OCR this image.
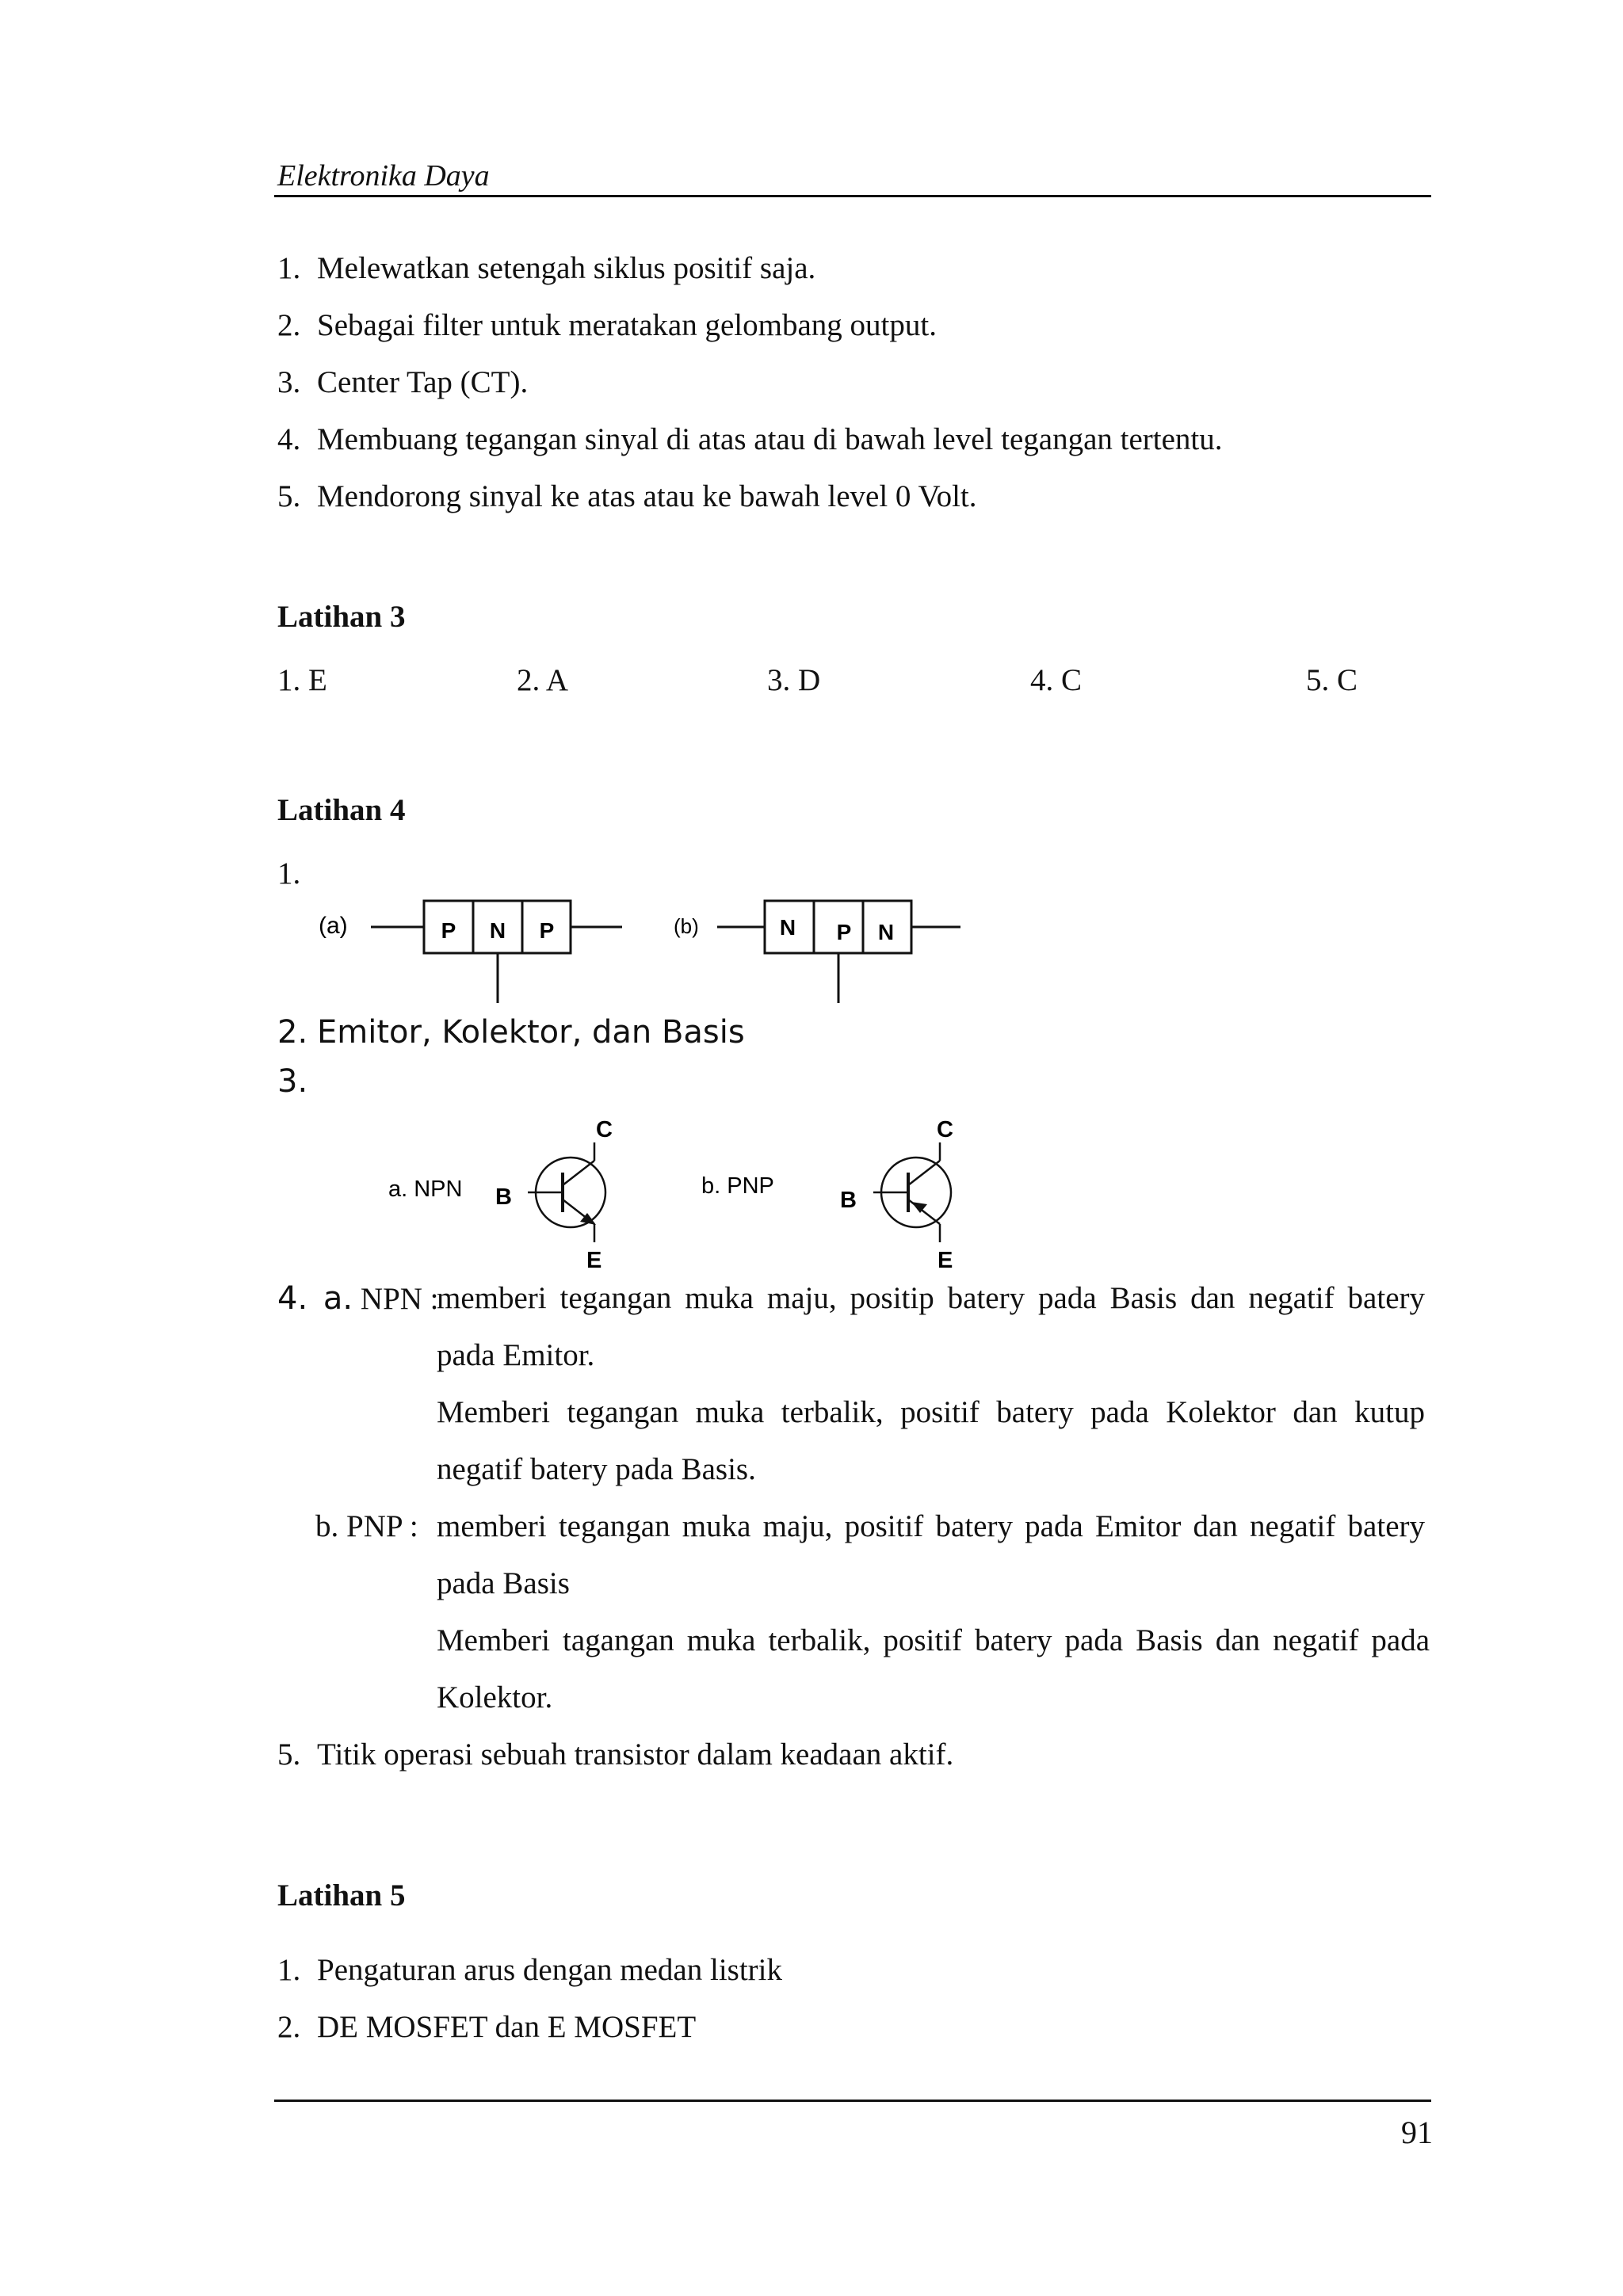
Elektronika Daya
1. Melewatkan setengah siklus positif saja.
2. Sebagai filter untuk meratakan gelombang output.
3. Center Tap (CT).
4. Membuang tegangan sinyal di atas atau di bawah level tegangan tertentu.
5. Mendorong sinyal ke atas atau ke bawah level 0 Volt.
Latihan 3
1. E	2. A	3. D	4. C	5. C
Latihan 4
1.
(a)	P N P	(b)	N P N
2. Emitor, Kolektor, dan Basis
3.
a. NPN B
C
E
b. PNP
B
C
E
4. a. NPN :
memberi tegangan muka maju, positip batery pada Basis dan negatif batery
pada Emitor.
Memberi tegangan muka terbalik, positif batery pada Kolektor dan kutup
negatif batery pada Basis.
b. PNP : memberi tegangan muka maju, positif batery pada Emitor dan negatif batery
pada Basis
Memberi tagangan muka terbalik, positif batery pada Basis dan negatif pada
Kolektor.
5. Titik operasi sebuah transistor dalam keadaan aktif.
Latihan 5
1. Pengaturan arus dengan medan listrik
2. DE MOSFET dan E MOSFET
91
